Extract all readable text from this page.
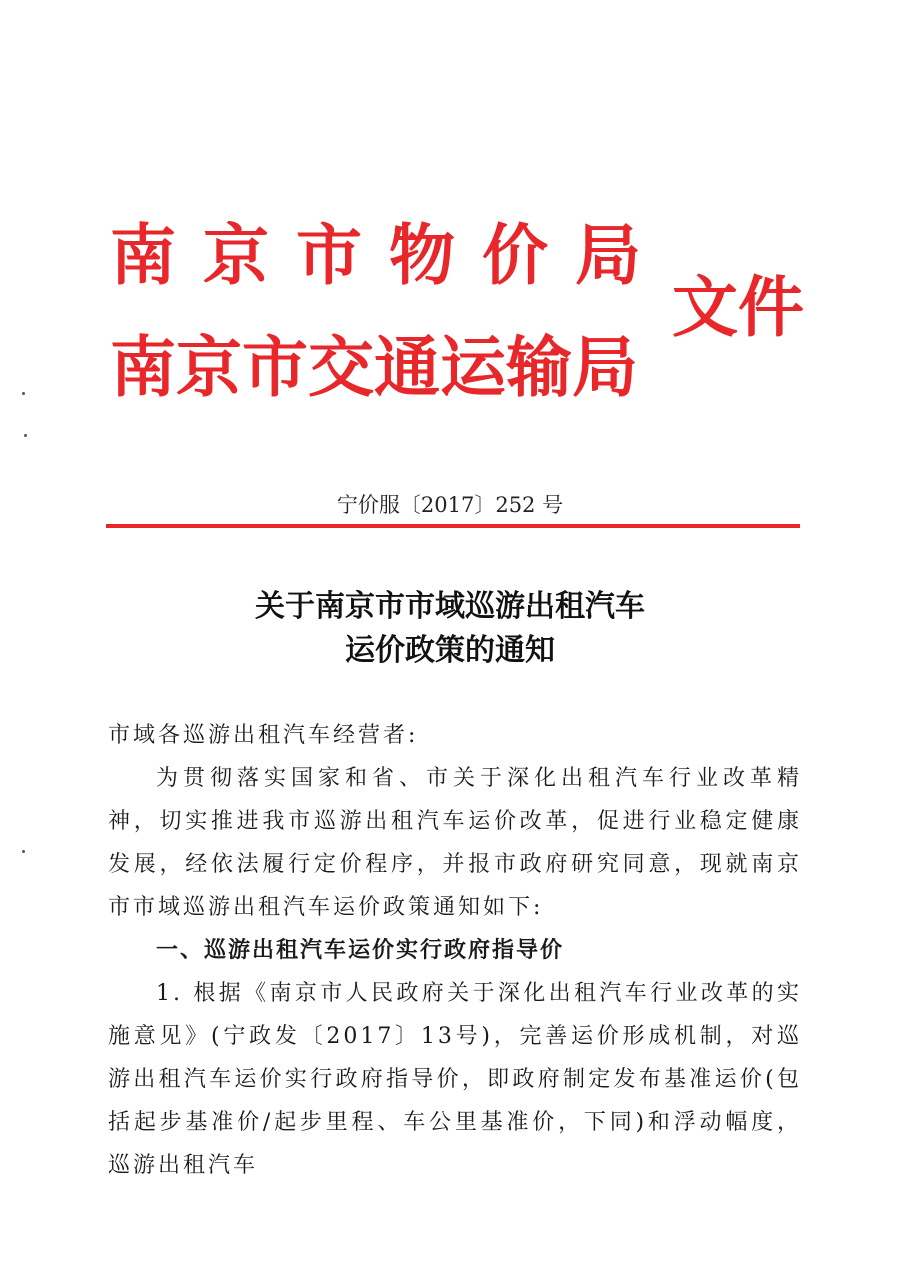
南京市物价局
南京市交通运输局
文件
宁价服〔2017〕252 号
关于南京市市域巡游出租汽车
运价政策的通知

市域各巡游出租汽车经营者:

为贯彻落实国家和省、市关于深化出租汽车行业改革精神，切实推进我市巡游出租汽车运价改革，促进行业稳定健康发展，经依法履行定价程序，并报市政府研究同意，现就南京市市域巡游出租汽车运价政策通知如下:

一、巡游出租汽车运价实行政府指导价

1. 根据《南京市人民政府关于深化出租汽车行业改革的实施意见》(宁政发〔2017〕13号)，完善运价形成机制，对巡游出租汽车运价实行政府指导价，即政府制定发布基准运价(包括起步基准价/起步里程、车公里基准价，下同)和浮动幅度，巡游出租汽车
